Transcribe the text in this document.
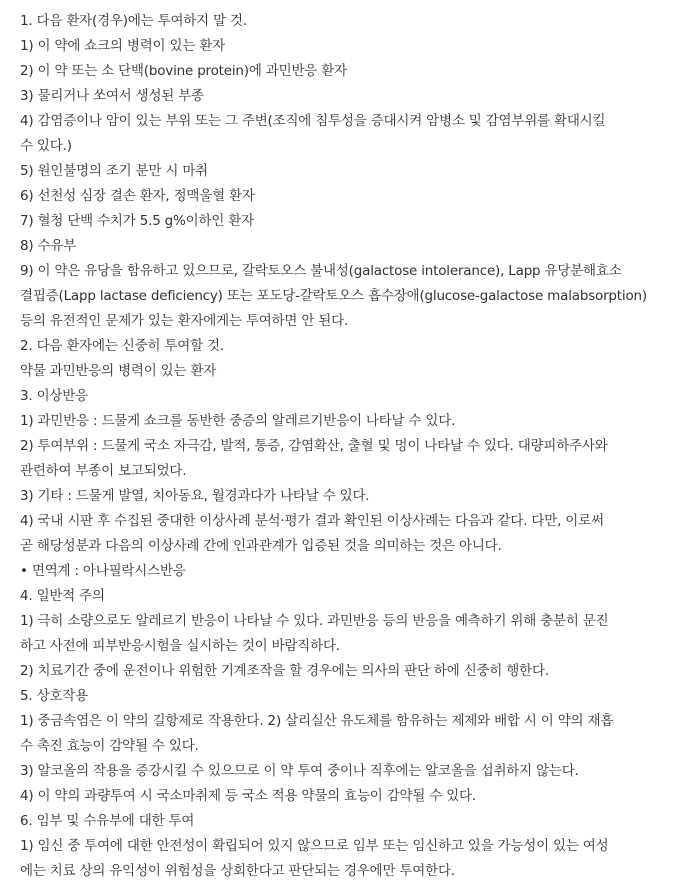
1. 다음 환자(경우)에는 투여하지 말 것.
1) 이 약에 쇼크의 병력이 있는 환자
2) 이 약 또는 소 단백(bovine protein)에 과민반응 환자
3) 물리거나 쏘여서 생성된 부종
4) 감염증이나 암이 있는 부위 또는 그 주변(조직에 침투성을 증대시켜 암병소 및 감염부위를 확대시킬
수 있다.)
5) 원인불명의 조기 분만 시 마취
6) 선천성 심장 결손 환자, 정맥울혈 환자
7) 혈청 단백 수치가 5.5 g%이하인 환자
8) 수유부
9) 이 약은 유당을 함유하고 있으므로, 갈락토오스 불내성(galactose intolerance), Lapp 유당분해효소
결핍증(Lapp lactase deficiency) 또는 포도당-갈락토오스 흡수장애(glucose-galactose malabsorption)
등의 유전적인 문제가 있는 환자에게는 투여하면 안 된다.
2. 다음 환자에는 신중히 투여할 것.
약물 과민반응의 병력이 있는 환자
3. 이상반응
1) 과민반응 : 드물게 쇼크를 동반한 중증의 알레르기반응이 나타날 수 있다.
2) 투여부위 : 드물게 국소 자극감, 발적, 통증, 감염확산, 출혈 및 멍이 나타날 수 있다. 대량피하주사와
관련하여 부종이 보고되었다.
3) 기타 : 드물게 발열, 치아동요, 월경과다가 나타날 수 있다.
4) 국내 시판 후 수집된 중대한 이상사례 분석·평가 결과 확인된 이상사례는 다음과 같다. 다만, 이로써
곧 해당성분과 다음의 이상사례 간에 인과관계가 입증된 것을 의미하는 것은 아니다.
• 면역계 : 아나필락시스반응
4. 일반적 주의
1) 극히 소량으로도 알레르기 반응이 나타날 수 있다. 과민반응 등의 반응을 예측하기 위해 충분히 문진
하고 사전에 피부반응시험을 실시하는 것이 바람직하다.
2) 치료기간 중에 운전이나 위험한 기계조작을 할 경우에는 의사의 판단 하에 신중히 행한다.
5. 상호작용
1) 중금속염은 이 약의 길항제로 작용한다. 2) 살리실산 유도체를 함유하는 제제와 배합 시 이 약의 재흡
수 촉진 효능이 감약될 수 있다.
3) 알코올의 작용을 증강시킬 수 있으므로 이 약 투여 중이나 직후에는 알코올을 섭취하지 않는다.
4) 이 약의 과량투여 시 국소마취제 등 국소 적용 약물의 효능이 감약될 수 있다.
6. 임부 및 수유부에 대한 투여
1) 임신 중 투여에 대한 안전성이 확립되어 있지 않으므로 임부 또는 임신하고 있을 가능성이 있는 여성
에는 치료 상의 유익성이 위험성을 상회한다고 판단되는 경우에만 투여한다.
